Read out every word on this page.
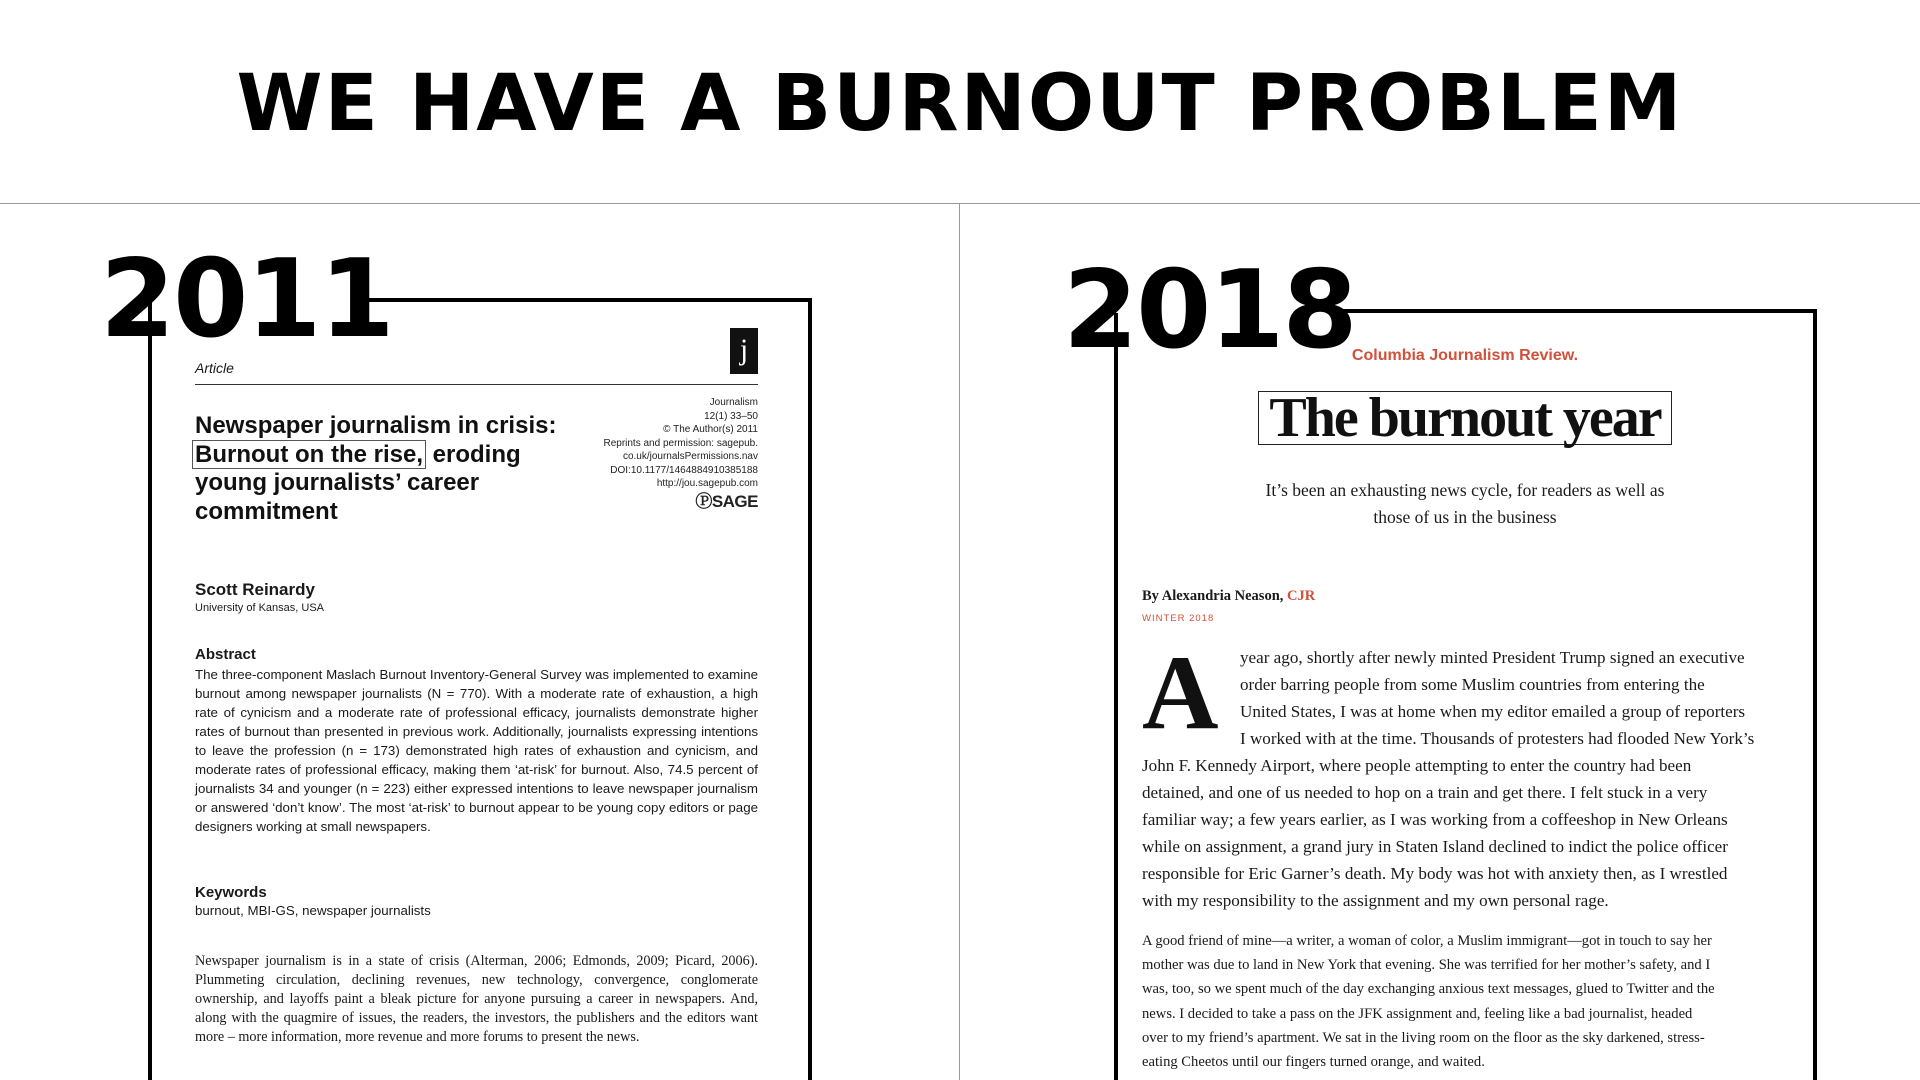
WE HAVE A BURNOUT PROBLEM
2011
Article
j
Newspaper journalism in crisis:
Burnout on the rise, eroding
young journalists’ career
commitment
Journalism
12(1) 33–50
© The Author(s) 2011
Reprints and permission: sagepub.
co.uk/journalsPermissions.nav
DOI:10.1177/1464884910385188
http://jou.sagepub.com
ⓅSAGE
Scott Reinardy
University of Kansas, USA
Abstract
The three-component Maslach Burnout Inventory-General Survey was implemented to examine burnout among newspaper journalists (N = 770). With a moderate rate of exhaustion, a high rate of cynicism and a moderate rate of professional efficacy, journalists demonstrate higher rates of burnout than presented in previous work. Additionally, journalists expressing intentions to leave the profession (n = 173) demonstrated high rates of exhaustion and cynicism, and moderate rates of professional efficacy, making them ‘at-risk’ for burnout. Also, 74.5 percent of journalists 34 and younger (n = 223) either expressed intentions to leave newspaper journalism or answered ‘don’t know’. The most ‘at-risk’ to burnout appear to be young copy editors or page designers working at small newspapers.
Keywords
burnout, MBI-GS, newspaper journalists
Newspaper journalism is in a state of crisis (Alterman, 2006; Edmonds, 2009; Picard, 2006). Plummeting circulation, declining revenues, new technology, convergence, conglomerate ownership, and layoffs paint a bleak picture for anyone pursuing a career in newspapers. And, along with the quagmire of issues, the readers, the investors, the publishers and the editors want more – more information, more revenue and more forums to present the news.
2018
Columbia Journalism Review.
The burnout year
It’s been an exhausting news cycle, for readers as well as those of us in the business
By Alexandria Neason, CJR
WINTER 2018
A	year ago, shortly after newly minted President Trump signed an executive
order barring people from some Muslim countries from entering the
United States, I was at home when my editor emailed a group of reporters
I worked with at the time. Thousands of protesters had flooded New York’s
John F. Kennedy Airport, where people attempting to enter the country had been
detained, and one of us needed to hop on a train and get there. I felt stuck in a very
familiar way; a few years earlier, as I was working from a coffeeshop in New Orleans
while on assignment, a grand jury in Staten Island declined to indict the police officer
responsible for Eric Garner’s death. My body was hot with anxiety then, as I wrestled
with my responsibility to the assignment and my own personal rage.
A good friend of mine—a writer, a woman of color, a Muslim immigrant—got in touch to say her
mother was due to land in New York that evening. She was terrified for her mother’s safety, and I
was, too, so we spent much of the day exchanging anxious text messages, glued to Twitter and the
news. I decided to take a pass on the JFK assignment and, feeling like a bad journalist, headed
over to my friend’s apartment. We sat in the living room on the floor as the sky darkened, stress-
eating Cheetos until our fingers turned orange, and waited.
